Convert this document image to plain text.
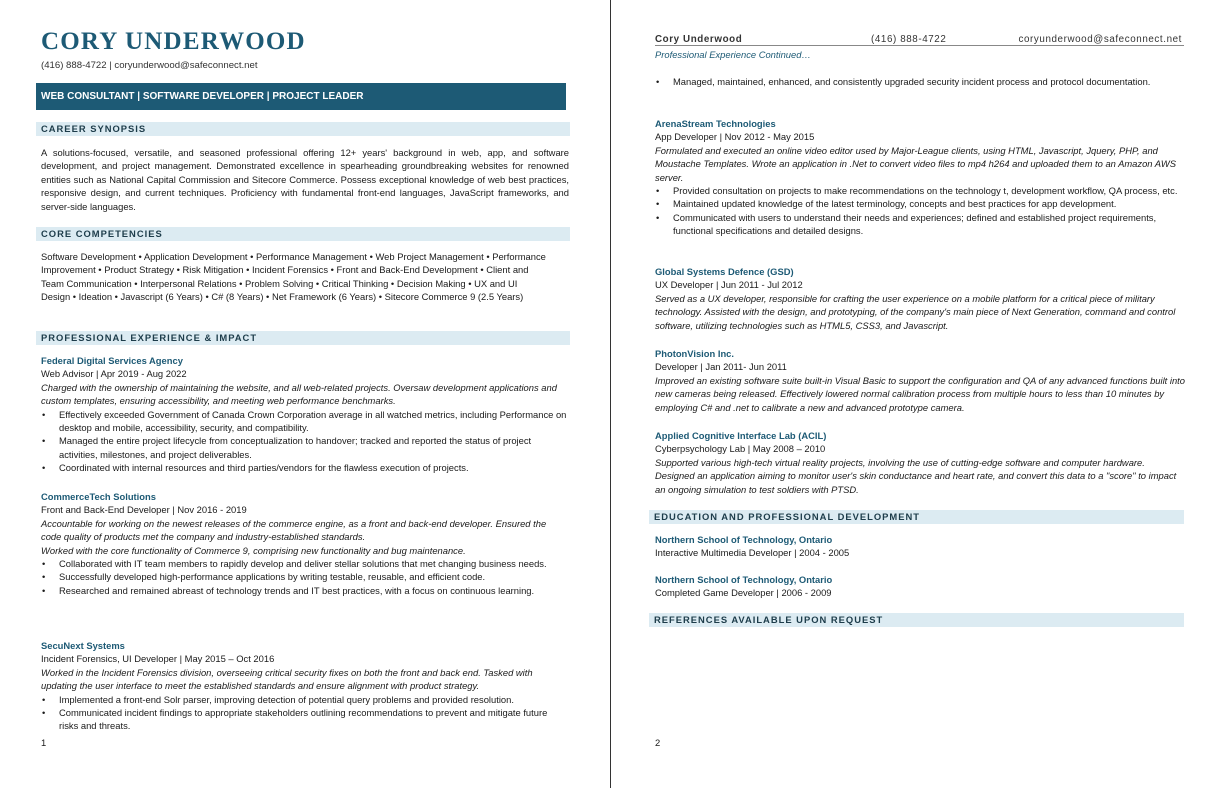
CORY UNDERWOOD
(416) 888-4722 | coryunderwood@safeconnect.net
WEB CONSULTANT | SOFTWARE DEVELOPER | PROJECT LEADER
CAREER SYNOPSIS
A solutions-focused, versatile, and seasoned professional offering 12+ years' background in web, app, and software development, and project management. Demonstrated excellence in spearheading groundbreaking websites for renowned entities such as National Capital Commission and Sitecore Commerce. Possess exceptional knowledge of web best practices, responsive design, and current techniques. Proficiency with fundamental front-end languages, JavaScript frameworks, and server-side languages.
CORE COMPETENCIES
Software Development • Application Development • Performance Management • Web Project Management • Performance Improvement • Product Strategy • Risk Mitigation • Incident Forensics • Front and Back-End Development • Client and Team Communication • Interpersonal Relations • Problem Solving • Critical Thinking • Decision Making • UX and UI Design • Ideation • Javascript (6 Years) • C# (8 Years) • Net Framework (6 Years) • Sitecore Commerce 9 (2.5 Years)
PROFESSIONAL EXPERIENCE & IMPACT
Federal Digital Services Agency
Web Advisor | Apr 2019 - Aug 2022
Charged with the ownership of maintaining the website, and all web-related projects. Oversaw development applications and custom templates, ensuring accessibility, and meeting web performance benchmarks.
• Effectively exceeded Government of Canada Crown Corporation average in all watched metrics, including Performance on desktop and mobile, accessibility, security, and compatibility.
• Managed the entire project lifecycle from conceptualization to handover; tracked and reported the status of project activities, milestones, and project deliverables.
• Coordinated with internal resources and third parties/vendors for the flawless execution of projects.
CommerceTech Solutions
Front and Back-End Developer | Nov 2016 - 2019
Accountable for working on the newest releases of the commerce engine, as a front and back-end developer. Ensured the code quality of products met the company and industry-established standards.
Worked with the core functionality of Commerce 9, comprising new functionality and bug maintenance.
• Collaborated with IT team members to rapidly develop and deliver stellar solutions that met changing business needs.
• Successfully developed high-performance applications by writing testable, reusable, and efficient code.
• Researched and remained abreast of technology trends and IT best practices, with a focus on continuous learning.
SecuNext Systems
Incident Forensics, UI Developer | May 2015 – Oct 2016
Worked in the Incident Forensics division, overseeing critical security fixes on both the front and back end. Tasked with updating the user interface to meet the established standards and ensure alignment with product strategy.
• Implemented a front-end Solr parser, improving detection of potential query problems and provided resolution.
• Communicated incident findings to appropriate stakeholders outlining recommendations to prevent and mitigate future risks and threats.
1
Cory Underwood	(416) 888-4722	coryunderwood@safeconnect.net
Professional Experience Continued…
• Managed, maintained, enhanced, and consistently upgraded security incident process and protocol documentation.
ArenaStream Technologies
App Developer | Nov 2012 - May 2015
Formulated and executed an online video editor used by Major-League clients, using HTML, Javascript, Jquery, PHP, and Moustache Templates. Wrote an application in .Net to convert video files to mp4 h264 and uploaded them to an Amazon AWS server.
• Provided consultation on projects to make recommendations on the technology t, development workflow, QA process, etc.
• Maintained updated knowledge of the latest terminology, concepts and best practices for app development.
• Communicated with users to understand their needs and experiences; defined and established project requirements, functional specifications and detailed designs.
Global Systems Defence (GSD)
UX Developer | Jun 2011 - Jul 2012
Served as a UX developer, responsible for crafting the user experience on a mobile platform for a critical piece of military technology. Assisted with the design, and prototyping, of the company's main piece of Next Generation, command and control software, utilizing technologies such as HTML5, CSS3, and Javascript.
PhotonVision Inc.
Developer | Jan 2011- Jun 2011
Improved an existing software suite built-in Visual Basic to support the configuration and QA of any advanced functions built into new cameras being released. Effectively lowered normal calibration process from multiple hours to less than 10 minutes by employing C# and .net to calibrate a new and advanced prototype camera.
Applied Cognitive Interface Lab (ACIL)
Cyberpsychology Lab | May 2008 – 2010
Supported various high-tech virtual reality projects, involving the use of cutting-edge software and computer hardware. Designed an application aiming to monitor user's skin conductance and heart rate, and convert this data to a "score" to impact an ongoing simulation to test soldiers with PTSD.
EDUCATION AND PROFESSIONAL DEVELOPMENT
Northern School of Technology, Ontario
Interactive Multimedia Developer | 2004 - 2005
Northern School of Technology, Ontario
Completed Game Developer | 2006 - 2009
REFERENCES AVAILABLE UPON REQUEST
2
